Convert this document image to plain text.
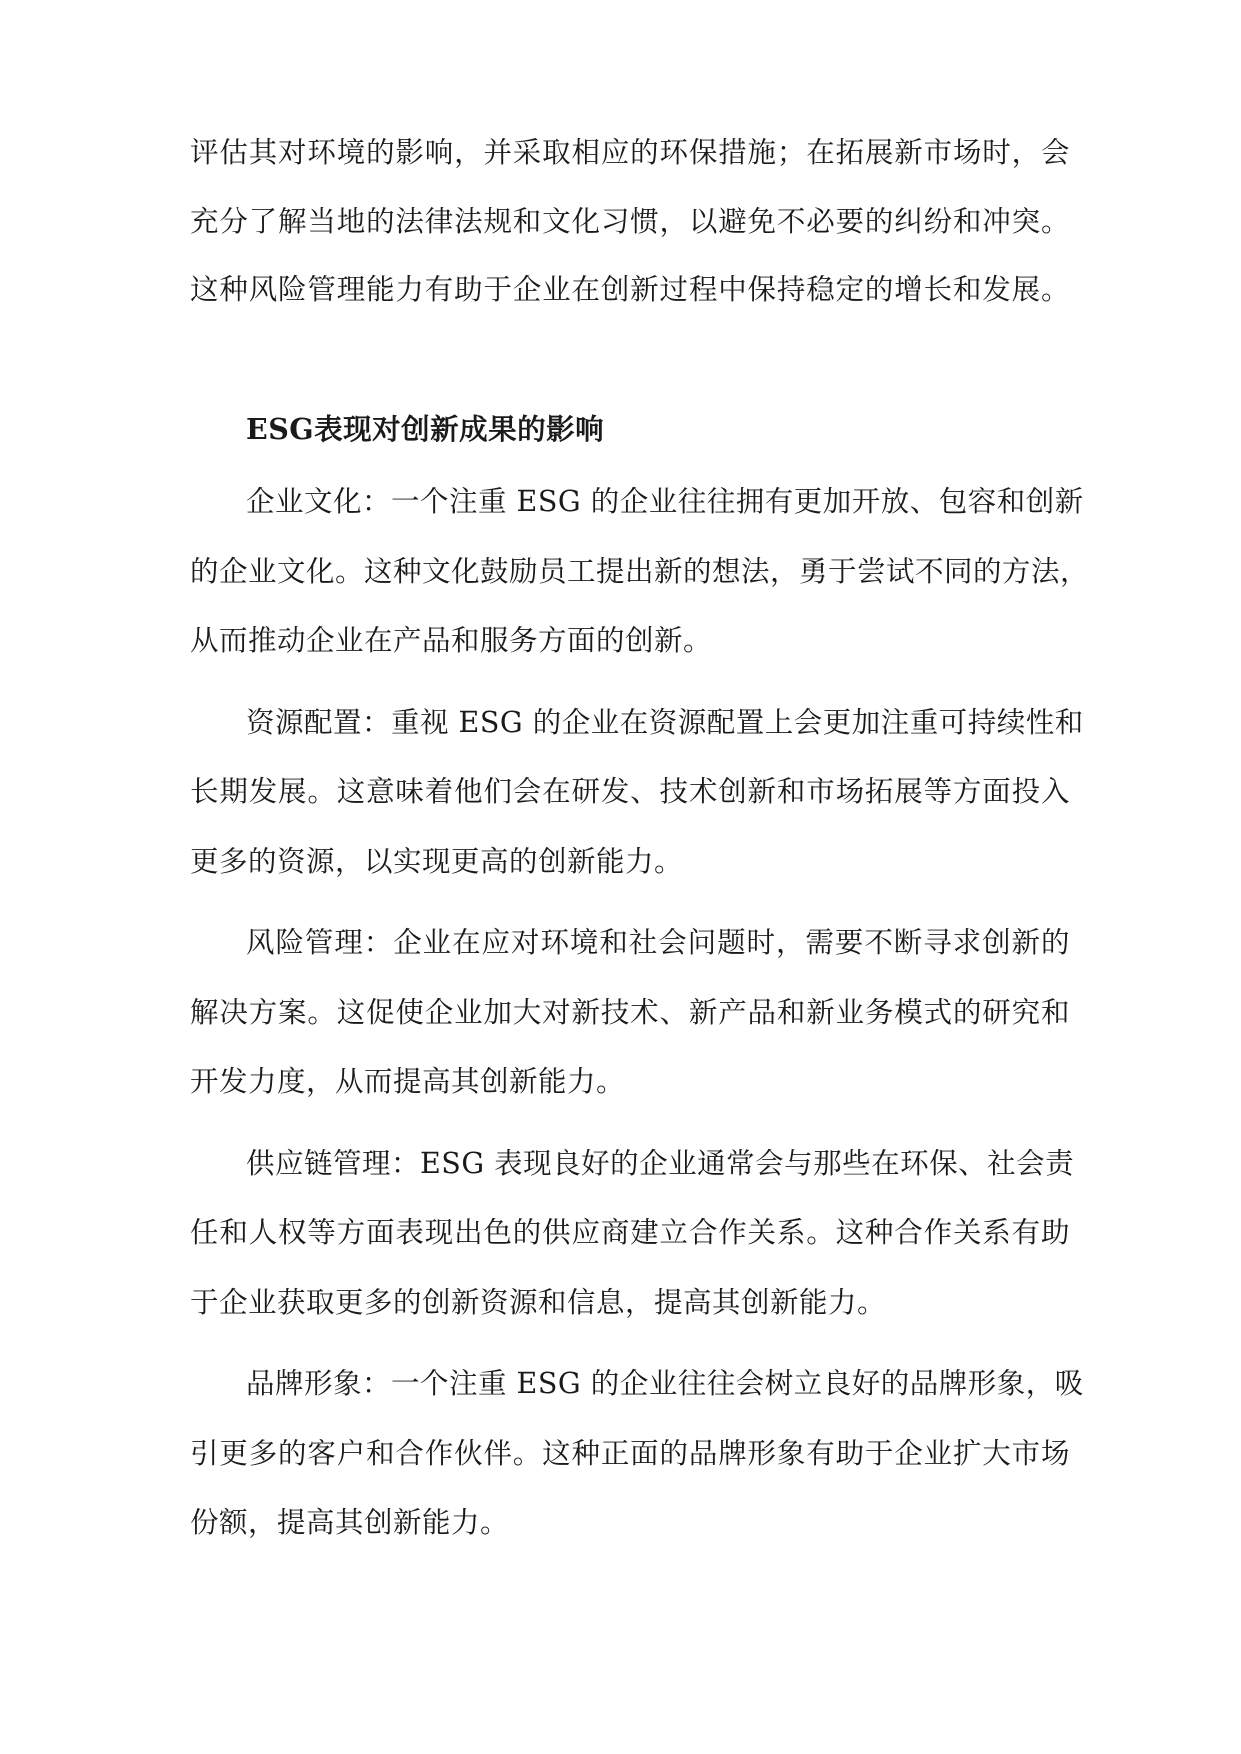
评估其对环境的影响，并采取相应的环保措施；在拓展新市场时，会
充分了解当地的法律法规和文化习惯，以避免不必要的纠纷和冲突。
这种风险管理能力有助于企业在创新过程中保持稳定的增长和发展。
ESG表现对创新成果的影响
企业文化：一个注重 ESG 的企业往往拥有更加开放、包容和创新
的企业文化。这种文化鼓励员工提出新的想法，勇于尝试不同的方法，
从而推动企业在产品和服务方面的创新。
资源配置：重视 ESG 的企业在资源配置上会更加注重可持续性和
长期发展。这意味着他们会在研发、技术创新和市场拓展等方面投入
更多的资源，以实现更高的创新能力。
风险管理：企业在应对环境和社会问题时，需要不断寻求创新的
解决方案。这促使企业加大对新技术、新产品和新业务模式的研究和
开发力度，从而提高其创新能力。
供应链管理：ESG 表现良好的企业通常会与那些在环保、社会责
任和人权等方面表现出色的供应商建立合作关系。这种合作关系有助
于企业获取更多的创新资源和信息，提高其创新能力。
品牌形象：一个注重 ESG 的企业往往会树立良好的品牌形象，吸
引更多的客户和合作伙伴。这种正面的品牌形象有助于企业扩大市场
份额，提高其创新能力。
